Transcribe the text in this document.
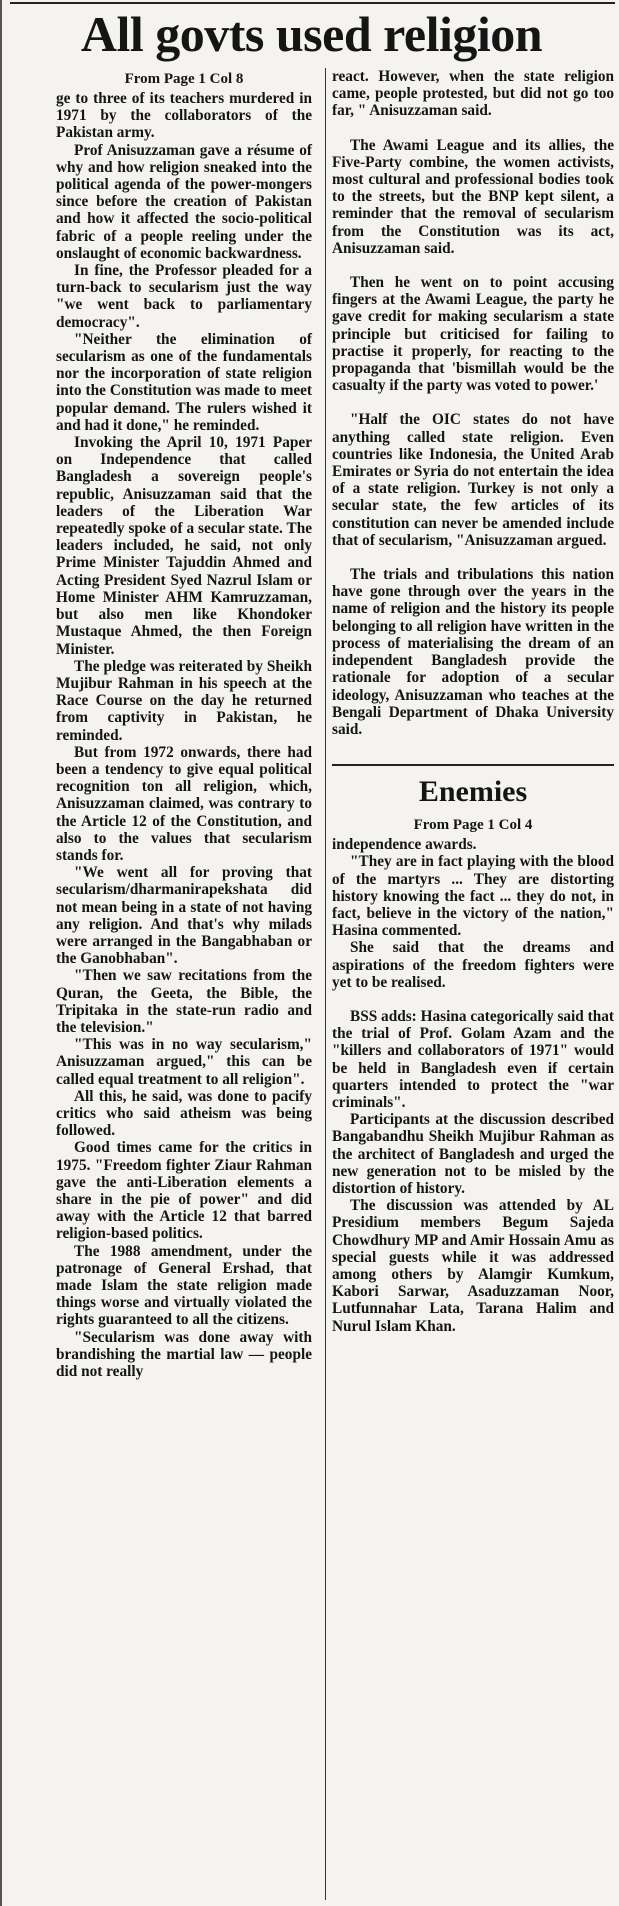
All govts used religion
From Page 1 Col 8

ge to three of its teachers murdered in 1971 by the collaborators of the Pakistan army.

Prof Anisuzzaman gave a résume of why and how religion sneaked into the political agenda of the power-mongers since before the creation of Pakistan and how it affected the socio-political fabric of a people reeling under the onslaught of economic backwardness.

In fine, the Professor pleaded for a turn-back to secularism just the way "we went back to parliamentary democracy".

"Neither the elimination of secularism as one of the fundamentals nor the incorporation of state religion into the Constitution was made to meet popular demand. The rulers wished it and had it done," he reminded.

Invoking the April 10, 1971 Paper on Independence that called Bangladesh a sovereign people's republic, Anisuzzaman said that the leaders of the Liberation War repeatedly spoke of a secular state. The leaders included, he said, not only Prime Minister Tajuddin Ahmed and Acting President Syed Nazrul Islam or Home Minister AHM Kamruzzaman, but also men like Khondoker Mustaque Ahmed, the then Foreign Minister.

The pledge was reiterated by Sheikh Mujibur Rahman in his speech at the Race Course on the day he returned from captivity in Pakistan, he reminded.

But from 1972 onwards, there had been a tendency to give equal political recognition ton all religion, which, Anisuzzaman claimed, was contrary to the Article 12 of the Constitution, and also to the values that secularism stands for.

"We went all for proving that secularism/dharmanirapekshata did not mean being in a state of not having any religion. And that's why milads were arranged in the Bangabhaban or the Ganobhaban".

"Then we saw recitations from the Quran, the Geeta, the Bible, the Tripitaka in the state-run radio and the television."

"This was in no way secularism," Anisuzzaman argued," this can be called equal treatment to all religion".

All this, he said, was done to pacify critics who said atheism was being followed.

Good times came for the critics in 1975. "Freedom fighter Ziaur Rahman gave the anti-Liberation elements a share in the pie of power" and did away with the Article 12 that barred religion-based politics.

The 1988 amendment, under the patronage of General Ershad, that made Islam the state religion made things worse and virtually violated the rights guaranteed to all the citizens.

"Secularism was done away with brandishing the martial law — people did not really

react. However, when the state religion came, people protested, but did not go too far, " Anisuzzaman said.

The Awami League and its allies, the Five-Party combine, the women activists, most cultural and professional bodies took to the streets, but the BNP kept silent, a reminder that the removal of secularism from the Constitution was its act, Anisuzzaman said.

Then he went on to point accusing fingers at the Awami League, the party he gave credit for making secularism a state principle but criticised for failing to practise it properly, for reacting to the propaganda that 'bismillah would be the casualty if the party was voted to power.'

"Half the OIC states do not have anything called state religion. Even countries like Indonesia, the United Arab Emirates or Syria do not entertain the idea of a state religion. Turkey is not only a secular state, the few articles of its constitution can never be amended include that of secularism, "Anisuzzaman argued.

The trials and tribulations this nation have gone through over the years in the name of religion and the history its people belonging to all religion have written in the process of materialising the dream of an independent Bangladesh provide the rationale for adoption of a secular ideology, Anisuzzaman who teaches at the Bengali Department of Dhaka University said.

Enemies
From Page 1 Col 4

independence awards.

"They are in fact playing with the blood of the martyrs ... They are distorting history knowing the fact ... they do not, in fact, believe in the victory of the nation," Hasina commented.

She said that the dreams and aspirations of the freedom fighters were yet to be realised.

BSS adds: Hasina categorically said that the trial of Prof. Golam Azam and the "killers and collaborators of 1971" would be held in Bangladesh even if certain quarters intended to protect the "war criminals".

Participants at the discussion described Bangabandhu Sheikh Mujibur Rahman as the architect of Bangladesh and urged the new generation not to be misled by the distortion of history.

The discussion was attended by AL Presidium members Begum Sajeda Chowdhury MP and Amir Hossain Amu as special guests while it was addressed among others by Alamgir Kumkum, Kabori Sarwar, Asaduzzaman Noor, Lutfunnahar Lata, Tarana Halim and Nurul Islam Khan.
